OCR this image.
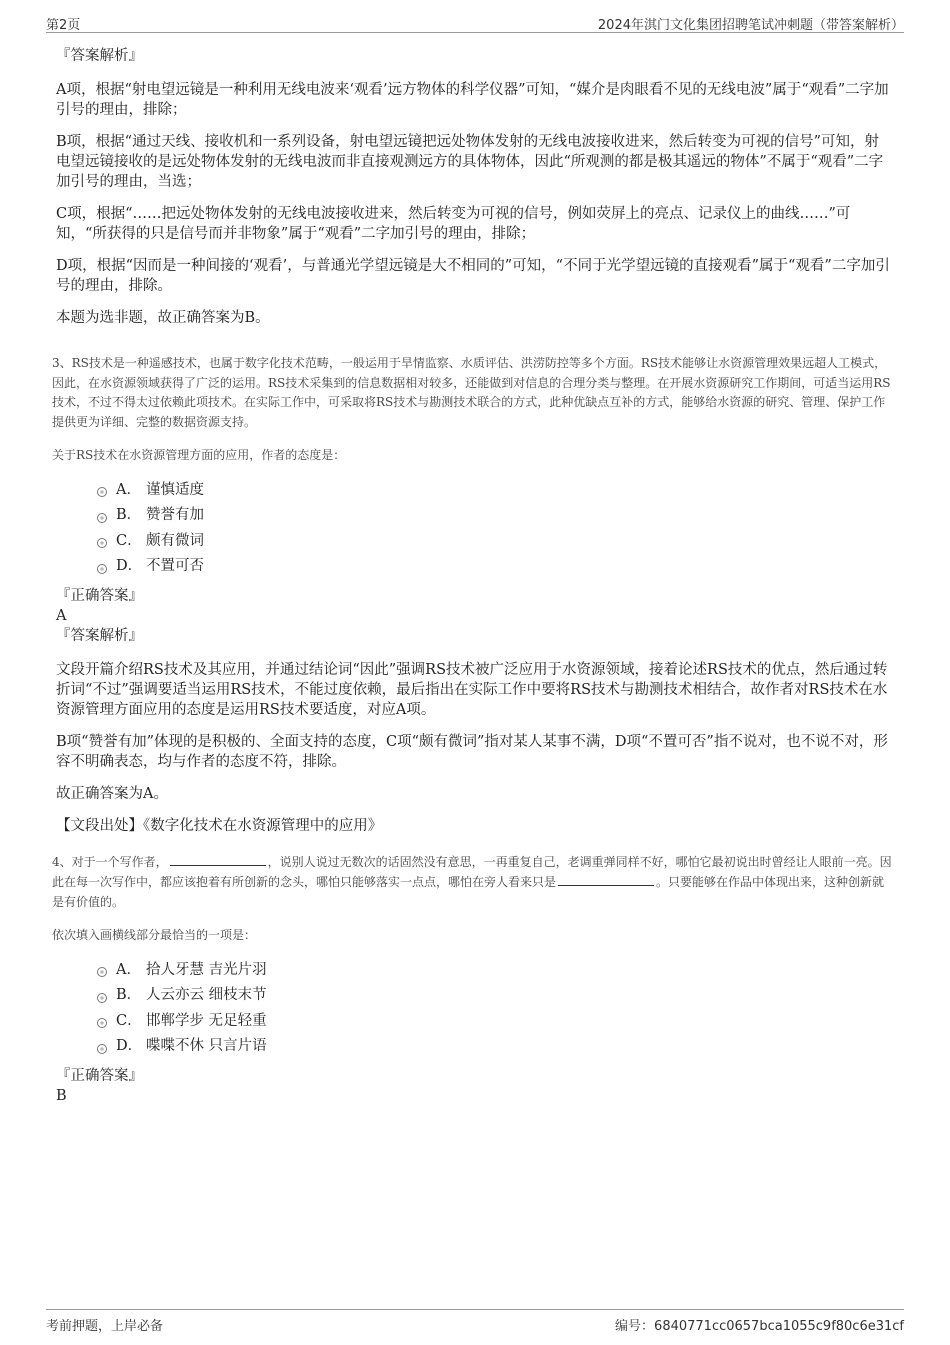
第2页	2024年淇门文化集团招聘笔试冲刺题（带答案解析）

『答案解析』

A项，根据“射电望远镜是一种利用无线电波来‘观看’远方物体的科学仪器”可知，“媒介是肉眼看不见的无线电波”属于“观看”二字加引号的理由，排除；

B项，根据“通过天线、接收机和一系列设备，射电望远镜把远处物体发射的无线电波接收进来，然后转变为可视的信号”可知，射电望远镜接收的是远处物体发射的无线电波而非直接观测远方的具体物体，因此“所观测的都是极其遥远的物体”不属于“观看”二字加引号的理由，当选；

C项，根据“……把远处物体发射的无线电波接收进来，然后转变为可视的信号，例如荧屏上的亮点、记录仪上的曲线……”可知，“所获得的只是信号而并非物象”属于“观看”二字加引号的理由，排除；

D项，根据“因而是一种间接的‘观看’，与普通光学望远镜是大不相同的”可知，“不同于光学望远镜的直接观看”属于“观看”二字加引号的理由，排除。

本题为选非题，故正确答案为B。

3、RS技术是一种遥感技术，也属于数字化技术范畴，一般运用于旱情监察、水质评估、洪涝防控等多个方面。RS技术能够让水资源管理效果远超人工模式，因此，在水资源领域获得了广泛的运用。RS技术采集到的信息数据相对较多，还能做到对信息的合理分类与整理。在开展水资源研究工作期间，可适当运用RS技术，不过不得太过依赖此项技术。在实际工作中，可采取将RS技术与勘测技术联合的方式，此种优缺点互补的方式，能够给水资源的研究、管理、保护工作提供更为详细、完整的数据资源支持。

关于RS技术在水资源管理方面的应用，作者的态度是：

A． 谨慎适度
B． 赞誉有加
C． 颇有微词
D． 不置可否

『正确答案』

A

『答案解析』

文段开篇介绍RS技术及其应用，并通过结论词“因此”强调RS技术被广泛应用于水资源领域，接着论述RS技术的优点，然后通过转折词“不过”强调要适当运用RS技术，不能过度依赖，最后指出在实际工作中要将RS技术与勘测技术相结合，故作者对RS技术在水资源管理方面应用的态度是运用RS技术要适度，对应A项。

B项“赞誉有加”体现的是积极的、全面支持的态度，C项“颇有微词”指对某人某事不满，D项“不置可否”指不说对，也不说不对，形容不明确表态，均与作者的态度不符，排除。

故正确答案为A。

【文段出处】《数字化技术在水资源管理中的应用》

4、对于一个写作者，	，说别人说过无数次的话固然没有意思，一再重复自己，老调重弹同样不好，哪怕它最初说出时曾经让人眼前一亮。因此在每一次写作中，都应该抱着有所创新的念头，哪怕只能够落实一点点，哪怕在旁人看来只是	。只要能够在作品中体现出来，这种创新就是有价值的。

依次填入画横线部分最恰当的一项是：

A． 拾人牙慧 吉光片羽
B． 人云亦云 细枝末节
C． 邯郸学步 无足轻重
D． 喋喋不休 只言片语

『正确答案』

B

考前押题，上岸必备	编号：6840771cc0657bca1055c9f80c6e31cf
